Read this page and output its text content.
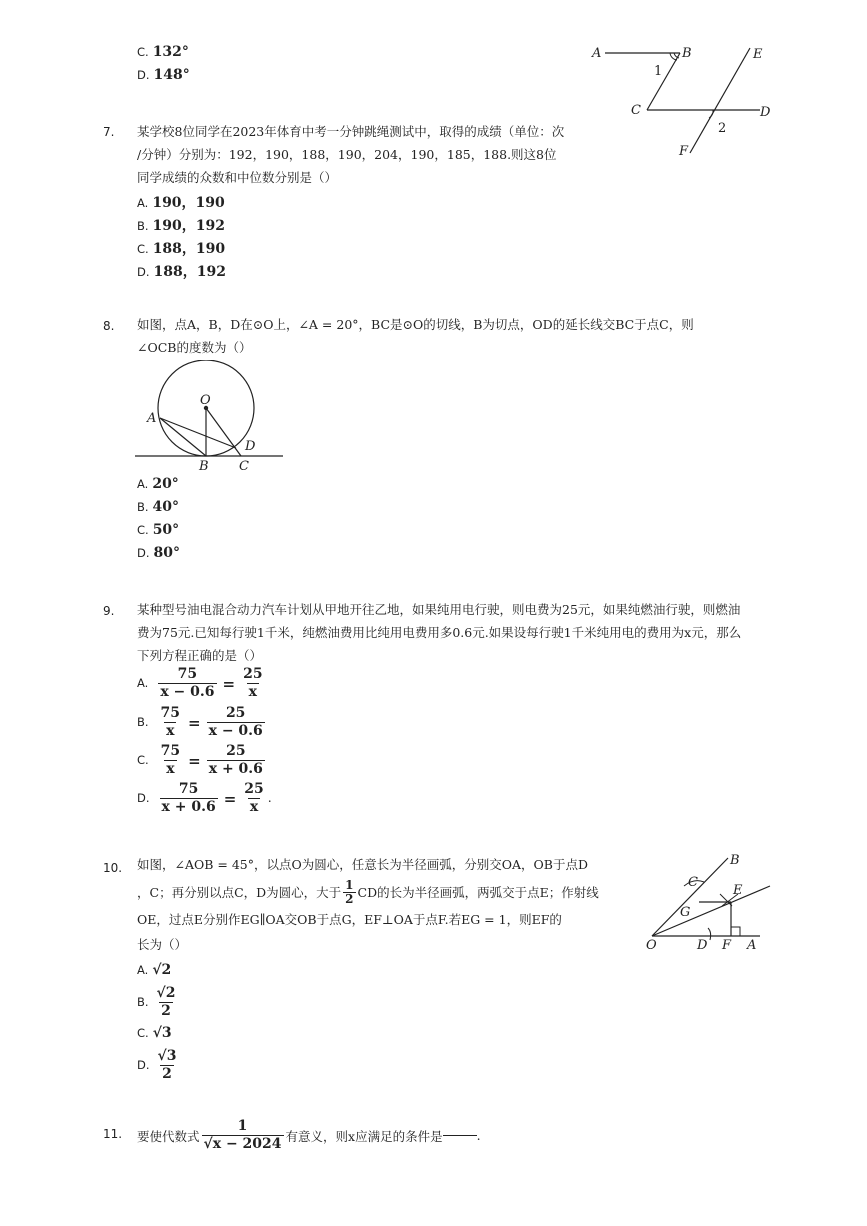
C. 132°
D. 148°
A	B	E
1
C	D
2
F
7. 某学校8位同学在2023年体育中考一分钟跳绳测试中，取得的成绩（单位：次
/分钟）分别为：192，190，188，190，204，190，185，188.则这8位
同学成绩的众数和中位数分别是（）
A. 190，190
B. 190，192
C. 188，190
D. 188，192
8. 如图，点A，B，D在⊙O上，∠A = 20°，BC是⊙O的切线，B为切点，OD的延长线交BC于点C，则
∠OCB的度数为（）
O
A
D
B C
A. 20°
B. 40°
C. 50°
D. 80°
9. 某种型号油电混合动力汽车计划从甲地开往乙地，如果纯用电行驶，则电费为25元，如果纯燃油行驶，则燃油
费为75元.已知每行驶1千米，纯燃油费用比纯用电费用多0.6元.如果设每行驶1千米纯用电的费用为x元，那么
下列方程正确的是（）
A. $\frac{75}{x - 0.6} = \frac{25}{x}$
B. $\frac{75}{x} = \frac{25}{x - 0.6}$
C. $\frac{75}{x} = \frac{25}{x + 0.6}$
D. $\frac{75}{x + 0.6} = \frac{25}{x}$ .
10. 如图，∠AOB = 45°，以点O为圆心，任意长为半径画弧，分别交OA，OB于点D
，C；再分别以点C，D为圆心，大于 $\frac{1}{2}$ CD的长为半径画弧，两弧交于点E；作射线
OE，过点E分别作EG∥OA交OB于点G，EF⊥OA于点F.若EG = 1，则EF的
长为（）
B
C
E
G
O	D F A
A. √2
B. $\frac{√2}{2}$
C. √3
D. $\frac{√3}{2}$
11. 要使代数式 $\frac{1}{√x - 2024}$ 有意义，则x应满足的条件是	.
